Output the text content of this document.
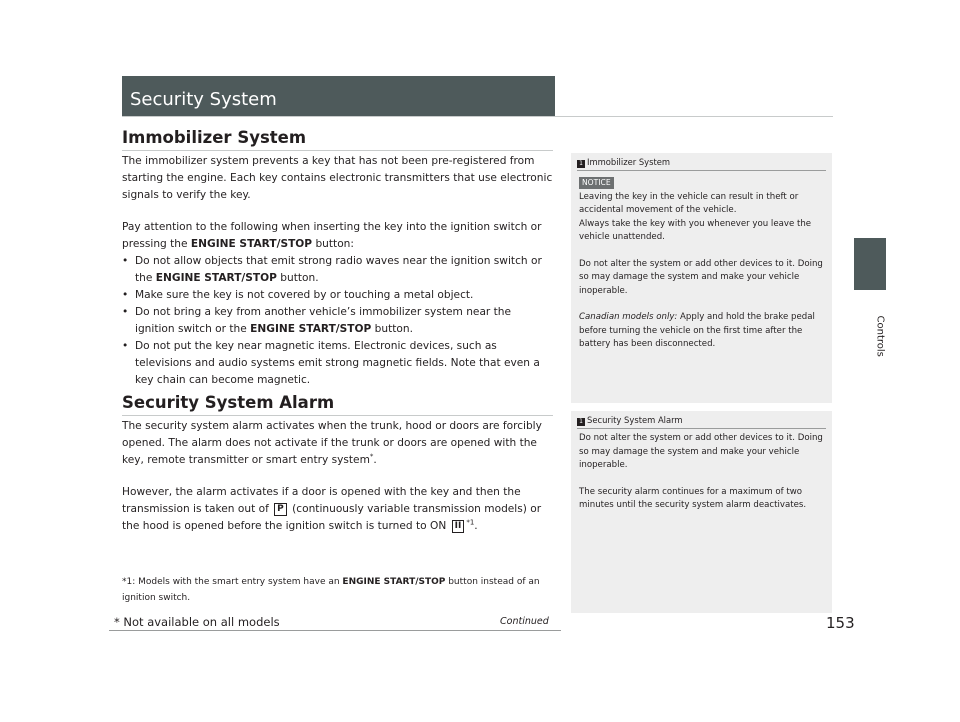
Security System
Controls
Immobilizer System

The immobilizer system prevents a key that has not been pre-registered from starting the engine. Each key contains electronic transmitters that use electronic signals to verify the key.

Pay attention to the following when inserting the key into the ignition switch or pressing the ENGINE START/STOP button:

• Do not allow objects that emit strong radio waves near the ignition switch or the ENGINE START/STOP button.
• Make sure the key is not covered by or touching a metal object.
• Do not bring a key from another vehicle’s immobilizer system near the ignition switch or the ENGINE START/STOP button.
• Do not put the key near magnetic items. Electronic devices, such as televisions and audio systems emit strong magnetic fields. Note that even a key chain can become magnetic.
Security System Alarm

The security system alarm activates when the trunk, hood or doors are forcibly opened. The alarm does not activate if the trunk or doors are opened with the key, remote transmitter or smart entry system*.

However, the alarm activates if a door is opened with the key and then the transmission is taken out of P (continuously variable transmission models) or the hood is opened before the ignition switch is turned to ON II $^{*1}$.

*1: Models with the smart entry system have an ENGINE START/STOP button instead of an ignition switch.
1 Immobilizer System
NOTICE

Leaving the key in the vehicle can result in theft or accidental movement of the vehicle.

Always take the key with you whenever you leave the vehicle unattended.

Do not alter the system or add other devices to it. Doing so may damage the system and make your vehicle inoperable.

Canadian models only: Apply and hold the brake pedal before turning the vehicle on the first time after the battery has been disconnected.

1 Security System Alarm

Do not alter the system or add other devices to it. Doing so may damage the system and make your vehicle inoperable.

The security alarm continues for a maximum of two minutes until the security system alarm deactivates.

* Not available on all models	Continued	153
